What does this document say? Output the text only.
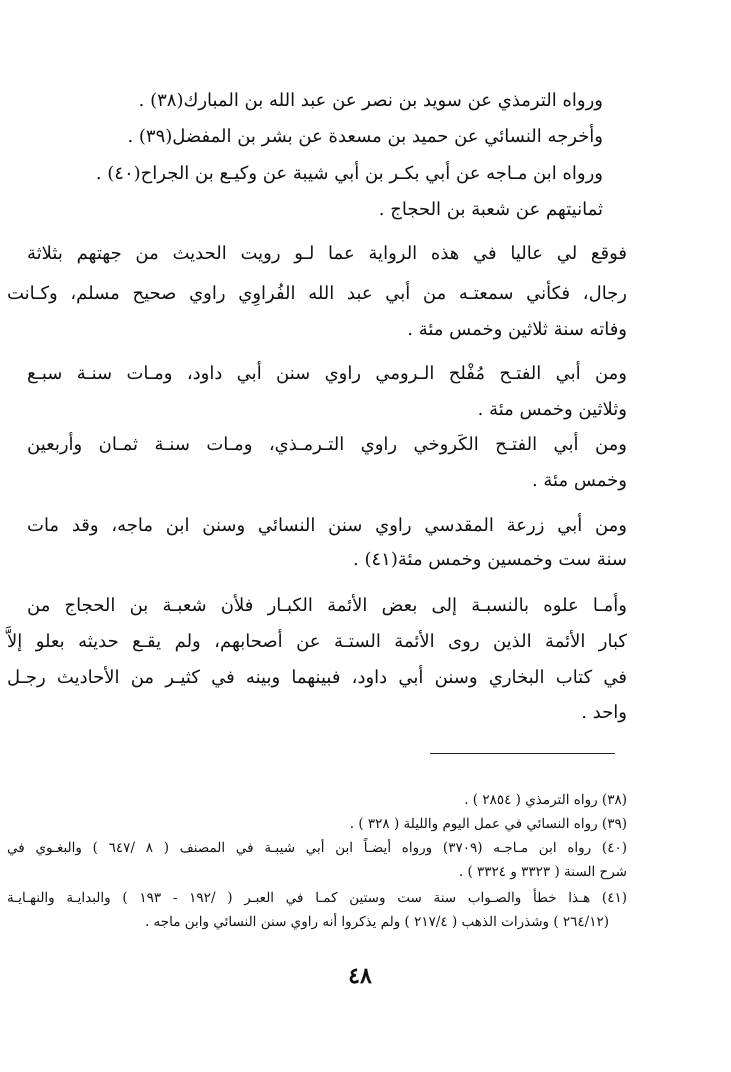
ورواه الترمذي عن سويد بن نصر عن عبد الله بن المبارك(٣٨) .
وأخرجه النسائي عن حميد بن مسعدة عن بشر بن المفضل(٣٩) .
ورواه ابن مـاجه عن أبي بكـر بن أبي شيبة عن وكيـع بن الجراح(٤٠) .
ثمانيتهم عن شعبة بن الحجاج .
فوقع لي عاليا في هذه الرواية عما لـو رويت الحديث من جهتهم بثلاثة
رجال، فكأني سمعتـه من أبي عبد الله الفُراوِي راوي صحيح مسلم، وكـانت
وفاته سنة ثلاثين وخمس مئة .
ومن أبي الفتـح مُفْلح الـرومي راوي سنن أبي داود، ومـات سنـة سبـع
وثلاثين وخمس مئة .
ومن أبي الفتـح الكَروخي راوي التـرمـذي، ومـات سنـة ثمـان وأربعين
وخمس مئة .
ومن أبي زرعة المقدسي راوي سنن النسائي وسنن ابن ماجه، وقد مات
سنة ست وخمسين وخمس مئة(٤١) .
وأمـا علوه بالنسبـة إلى بعض الأئمة الكبـار فلأن شعبـة بن الحجاج من
كبار الأئمة الذين روى الأئمة الستـة عن أصحابهم، ولم يقـع حديثه بعلو إلاَّ
في كتاب البخاري وسنن أبي داود، فبينهما وبينه في كثيـر من الأحاديث رجـل
واحد .
(٣٨) رواه الترمذي ( ٢٨٥٤ ) .
(٣٩) رواه النسائي في عمل اليوم والليلة ( ٣٢٨ ) .
(٤٠) رواه ابن مـاجـه (٣٧٠٩) ورواه أيضـاً ابن أبي شيبـة في المصنف ( ٨ /٦٤٧ ) والبغـوي في
شرح السنة ( ٣٣٢٣ و ٣٣٢٤ ) .
(٤١) هـذا خطأ والصـواب سنة ست وستين كمـا في العبـر ( /١٩٢ - ١٩٣ ) والبدايـة والنهـايـة
(٢٦٤/١٢ ) وشذرات الذهب ( ٢١٧/٤ ) ولم يذكروا أنه راوي سنن النسائي وابن ماجه .
٤٨
